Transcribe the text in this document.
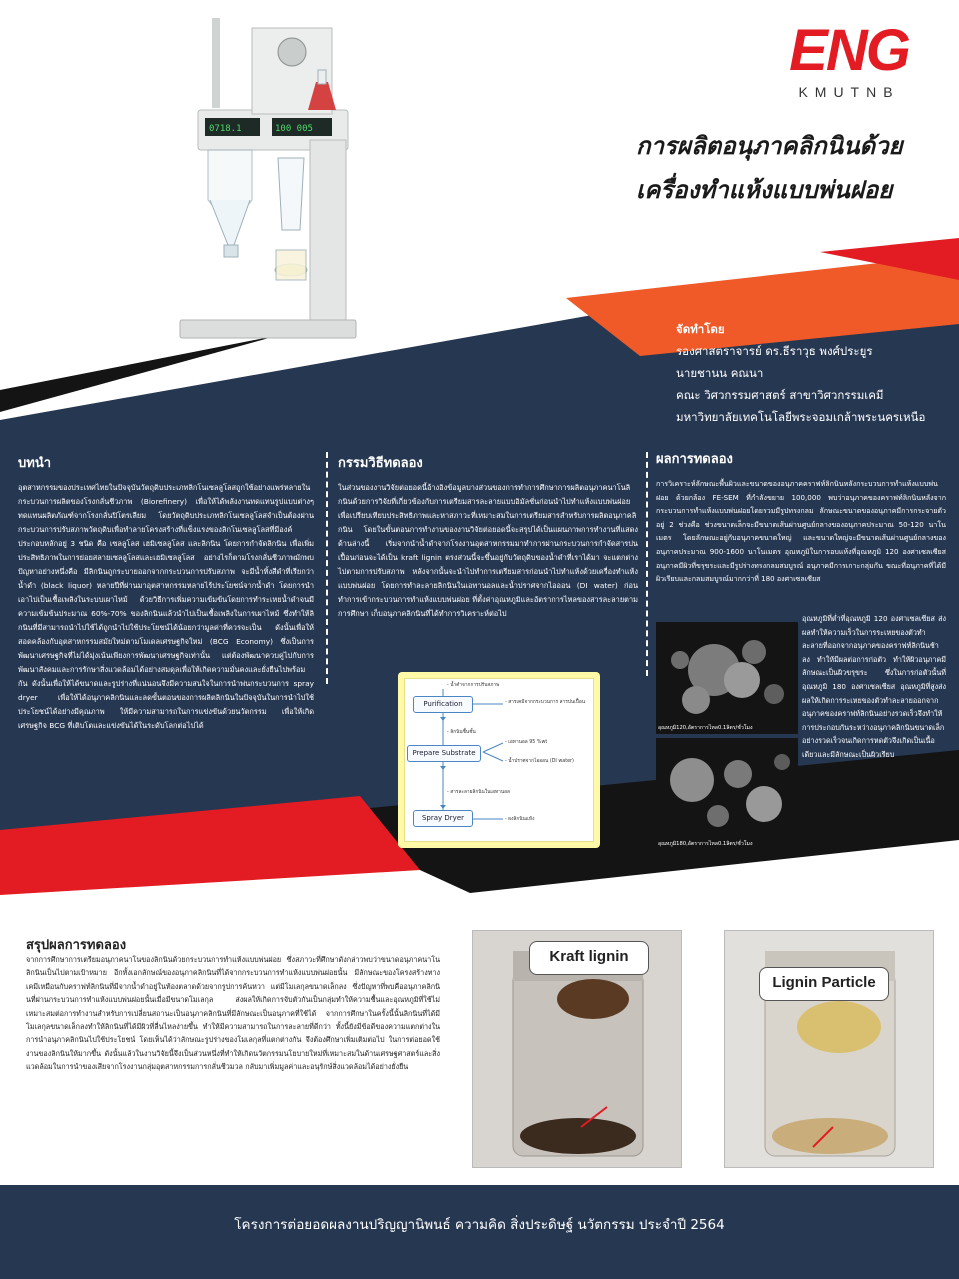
0718.1	100 005
ENG
KMUTNB
การผลิตอนุภาคลิกนินด้วย
เครื่องทำแห้งแบบพ่นฝอย
จัดทำโดย
รองศาสตราจารย์ ดร.ธีราวุธ พงศ์ประยูร
นายชานน คณนา
คณะ วิศวกรรมศาสตร์ สาขาวิศวกรรมเคมี
มหาวิทยาลัยเทคโนโลยีพระจอมเกล้าพระนครเหนือ
บทนำ
อุตสาหกรรมของประเทศไทยในปัจจุบันวัตถุดิบประเภทลิกโนเซลลูโลสถูกใช้อย่างแพร่หลายในกระบวนการผลิตของโรงกลั่นชีวภาพ (Biorefinery) เพื่อให้ได้พลังงานทดแทนรูปแบบต่างๆ ทดแทนผลิตภัณฑ์จากโรงกลั่นปิโตรเลียม โดยวัตถุดิบประเภทลิกโนเซลลูโลสจำเป็นต้องผ่านกระบวนการปรับสภาพวัตถุดิบเพื่อทำลายโครงสร้างที่แข็งแรงของลิกโนเซลลูโลสที่มีองค์ประกอบหลักอยู่ 3 ชนิด คือ เซลลูโลส เฮมิเซลลูโลส และลิกนิน โดยการกำจัดลิกนิน เพื่อเพิ่มประสิทธิภาพในการย่อยสลายเซลลูโลสและเฮมิเซลลูโลส อย่างไรก็ตามโรงกลั่นชีวภาพมักพบปัญหาอย่างหนึ่งคือ มีลิกนินถูกระบายออกจากกระบวนการปรับสภาพ จะมีน้ำทิ้งสีดำที่เรียกว่าน้ำดำ (black liquor) หลายปีที่ผ่านมาอุตสาหกรรมหลายไร้ประโยชน์จากน้ำดำ โดยการนำเอาไปเป็นเชื้อเพลิงในระบบเผาไหม้ ด้วยวิธีการเพิ่มความเข้มข้นโดยการทำระเหยน้ำดำจนมีความเข้มข้นประมาณ 60%-70% ของลิกนินแล้วนำไปเป็นเชื้อเพลิงในการเผาไหม้ ซึ่งทำให้ลิกนินที่มีสามารถนำไปใช้ได้ถูกนำไปใช้ประโยชน์ได้น้อยกว่ามูลค่าที่ควรจะเป็น ดังนั้นเพื่อให้สอดคล้องกับอุตสาหกรรมสมัยใหม่ตามโมเดลเศรษฐกิจใหม่ (BCG Economy) ซึ่งเป็นการพัฒนาเศรษฐกิจที่ไม่ได้มุ่งเน้นเพียงการพัฒนาเศรษฐกิจเท่านั้น แต่ต้องพัฒนาควบคู่ไปกับการพัฒนาสังคมและการรักษาสิ่งแวดล้อมได้อย่างสมดุลเพื่อให้เกิดความมั่นคงและยั่งยืนไปพร้อมกัน ดังนั้นเพื่อให้ได้ขนาดและรูปร่างที่แน่นอนจึงมีความสนใจในการนำพ่นกระบวนการ spray dryer เพื่อให้ได้อนุภาคลิกนินและลดขั้นตอนของการผลิตลิกนินในปัจจุบันในการนำไปใช้ประโยชน์ได้อย่างมีคุณภาพ ให้มีความสามารถในการแข่งขันด้วยนวัตกรรม เพื่อให้เกิดเศรษฐกิจ BCG ที่เติบโตและแข่งขันได้ในระดับโลกต่อไปได้
กรรมวิธีทดลอง
ในส่วนของงานวิจัยต่อยอดนี้อ้างอิงข้อมูลบางส่วนของการทำการศึกษาการผลิตอนุภาคนาโนลิกนินด้วยการวิจัยที่เกี่ยวข้องกับการเตรียมสารละลายแบบอิมัลชั่นก่อนนำไปทำแห้งแบบพ่นฝอยเพื่อเปรียบเทียบประสิทธิภาพและหาสภาวะที่เหมาะสมในการเตรียมสารสำหรับการผลิตอนุภาคลิกนิน โดยในขั้นตอนการทำงานของงานวิจัยต่อยอดนี้จะสรุปได้เป็นแผนภาพการทำงานที่แสดงด้านล่างนี้ เริ่มจากนำน้ำดำจากโรงงานอุตสาหกรรมมาทำการผ่านกระบวนการกำจัดสารปนเปื้อนก่อนจะได้เป็น kraft lignin ตรงส่วนนี้จะขึ้นอยู่กับวัตถุดิบของน้ำดำที่เราได้มา จะแตกต่างไปตามการปรับสภาพ หลังจากนั้นจะนำไปทำการเตรียมสารก่อนนำไปทำแห้งด้วยเครื่องทำแห้งแบบพ่นฝอย โดยการทำละลายลิกนินในเอทานอลและน้ำปราศจากไอออน (DI water) ก่อนทำการเข้ากระบวนการทำแห้งแบบพ่นฝอย ที่ตั้งค่าอุณหภูมิและอัตราการไหลของสารละลายตามการศึกษา เก็บอนุภาคลิกนินที่ได้ทำการวิเคราะห์ต่อไป
- น้ำดำจากการปรับสภาพ
Purification	- สารเคมีจากกระบวนการ สารปนเปื้อน
- ลิกนินชื้นชั้น
Prepare Substrate
- เอทานอล 95 %wt
- น้ำปราศจากไอออน (DI water)
- สารละลายลิกนินในเอทานอล
Spray Dryer	- ผงลิกนินแห้ง
ผลการทดลอง
การวิเคราะห์ลักษณะพื้นผิวและขนาดของอนุภาคคราฟท์ลิกนินหลังกระบวนการทำแห้งแบบพ่นฝอย ด้วยกล้อง FE-SEM ที่กำลังขยาย 100,000 พบว่าอนุภาคของคราฟท์ลิกนินหลังจากกระบวนการทำแห้งแบบพ่นฝอยโดยรวมมีรูปทรงกลม ลักษณะขนาดของอนุภาคมีการกระจายตัวอยู่ 2 ช่วงคือ ช่วงขนาดเล็กจะมีขนาดเส้นผ่านศูนย์กลางของอนุภาคประมาณ 50-120 นาโนเมตร โดยลักษณะอยู่กับอนุภาคขนาดใหญ่ และขนาดใหญ่จะมีขนาดเส้นผ่านศูนย์กลางของอนุภาคประมาณ 900-1600 นาโนเมตร อุณหภูมิในการอบแห้งที่อุณหภูมิ 120 องศาเซลเซียส อนุภาคมีผิวที่ขรุขระและมีรูปร่างทรงกลมสมบูรณ์ อนุภาคมีการเกาะกลุ่มกัน ขณะที่อนุภาคที่ได้มีผิวเรียบและกลมสมบูรณ์มากกว่าที่ 180 องศาเซลเซียส
อุณหภูมิ120,อัตราการไหล0.1ลิตร/ชั่วโมง
อุณหภูมิ180,อัตราการไหล0.1ลิตร/ชั่วโมง
อุณหภูมิที่ต่ำที่อุณหภูมิ 120 องศาเซลเซียส ส่งผลทำให้ความเร็วในการระเหยของตัวทำละลายที่ออกจากอนุภาคของคราฟท์ลิกนินช้าลง ทำให้มีผลต่อการก่อตัว ทำให้ผิวอนุภาคมีลักษณะเป็นผิวขรุขระ ซึ่งในการก่อตัวนั้นที่อุณหภูมิ 180 องศาเซลเซียส อุณหภูมิที่สูงส่งผลให้เกิดการระเหยของตัวทำละลายออกจากอนุภาคของคราฟท์ลิกนินอย่างรวดเร็วจึงทำให้การประกอบกันระหว่างอนุภาคลิกนินขนาดเล็กอย่างรวดเร็วจนเกิดการหดตัวจึงเกิดเป็นเนื้อเดียวและมีลักษณะเป็นผิวเรียบ
สรุปผลการทดลอง
จากการศึกษาการเตรียมอนุภาคนาโนของลิกนินด้วยกระบวนการทำแห้งแบบพ่นฝอย ซึ่งสภาวะที่ศึกษาดังกล่าวพบว่าขนาดอนุภาคนาโนลิกนินเป็นไปตามเป้าหมาย อีกทั้งเอกลักษณ์ของอนุภาคลิกนินที่ได้จากกระบวนการทำแห้งแบบพ่นฝอยนั้น มีลักษณะของโครงสร้างทางเคมีเหมือนกับคราฟท์ลิกนินที่มีจากน้ำดำอยู่ในท้องตลาดด้วยจากรูปการค้นหวา แต่มีโมเลกุลขนาดเล็กลง ซึ่งปัญหาที่พบคืออนุภาคลิกนินที่ผ่านกระบวนการทำแห้งแบบพ่นฝอยนั้นเมื่อมีขนาดโมเลกุล ส่งผลให้เกิดการจับตัวกันเป็นกลุ่มทำให้ความชื้นและอุณหภูมิที่ใช้ไม่เหมาะสมต่อการทำงานสำหรับการเปลี่ยนสถานะเป็นอนุภาคลิกนินที่มีลักษณะเป็นอนุภาคที่ใช้ได้ จากการศึกษาในครั้งนี้นั้นลิกนินที่ได้มีโมเลกุลขนาดเล็กลงทำให้ลิกนินที่ได้มีผิวที่ลื่นไหลง่ายขึ้น ทำให้มีความสามารถในการละลายที่ดีกว่า ทั้งนี้ยังมีข้อดีของความแตกต่างในการนำอนุภาคลิกนินไปใช้ประโยชน์ โดยเห็นได้ว่าลักษณะรูปร่างของโมเลกุลที่แตกต่างกัน จึงต้องศึกษาเพิ่มเติมต่อไป ในการต่อยอดใช้งานของลิกนินให้มากขึ้น ดังนั้นแล้วในงานวิจัยนี้จึงเป็นส่วนหนึ่งที่ทำให้เกิดนวัตกรรมนโยบายใหม่ที่เหมาะสมในด้านเศรษฐศาสตร์และสิ่งแวดล้อมในการนำของเสียจากโรงงานกลุ่มอุตสาหกรรมการกลั่นชีวมวล กลับมาเพิ่มมูลค่าและอนุรักษ์สิ่งแวดล้อมได้อย่างยั่งยืน
Kraft lignin
Lignin Particle
โครงการต่อยอดผลงานปริญญานิพนธ์ ความคิด สิ่งประดิษฐ์ นวัตกรรม ประจำปี 2564
